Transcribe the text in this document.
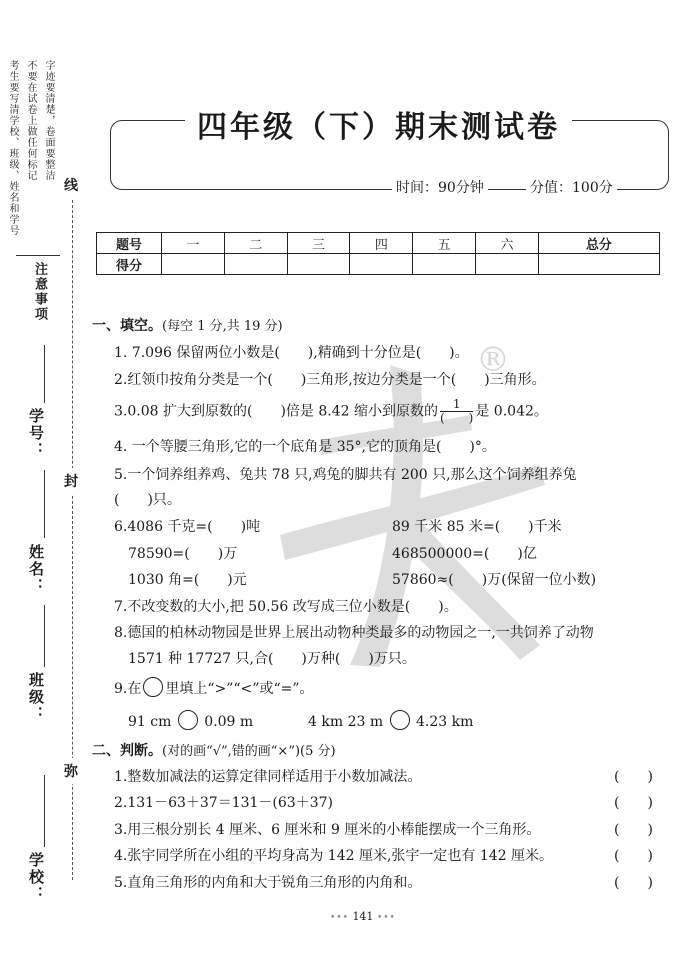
考生要写清学校、班级、姓名和学号 不要在试卷上做任何标记 字迹要清楚，卷面要整洁
注意事项
学号：
姓名：
班级：
学校：
线
封
弥
四年级（下）期末测试卷
时间：90分钟	分值：100分
题号	一	二	三	四	五	六	总分
得分							
®
一、填空。(每空 1 分,共 19 分)
1. 7.096 保留两位小数是(　　),精确到十分位是(　　)。
2.红领巾按角分类是一个(　　)三角形,按边分类是一个(　　)三角形。
3.0.08 扩大到原数的(　　)倍是 8.42 缩小到原数的 $\frac{1}{( )}$ 是 0.042。
4. 一个等腰三角形,它的一个底角是 35°,它的顶角是(　　)°。
5.一个饲养组养鸡、兔共 78 只,鸡兔的脚共有 200 只,那么这个饲养组养兔
(　　)只。
6.4086 千克=(　　)吨	89 千米 85 米=(　　)千米
78590=(　　)万	468500000=(　　)亿
1030 角=(　　)元	57860≈(　　)万(保留一位小数)
7.不改变数的大小,把 50.56 改写成三位小数是(　　)。
8.德国的柏林动物园是世界上展出动物种类最多的动物园之一,一共饲养了动物
1571 种 17727 只,合(　　)万种(　　)万只。
9.在 里填上“>”“<”或“=”。
91 cm 0.09 m	4 km 23 m 4.23 km
二、判断。(对的画“√”,错的画“×”)(5 分)
1.整数加减法的运算定律同样适用于小数加减法。	(　　)
2.131－63＋37＝131－(63＋37)	(　　)
3.用三根分别长 4 厘米、6 厘米和 9 厘米的小棒能摆成一个三角形。	(　　)
4.张宇同学所在小组的平均身高为 142 厘米,张宇一定也有 142 厘米。	(　　)
5.直角三角形的内角和大于锐角三角形的内角和。	(　　)
••• 141 •••
